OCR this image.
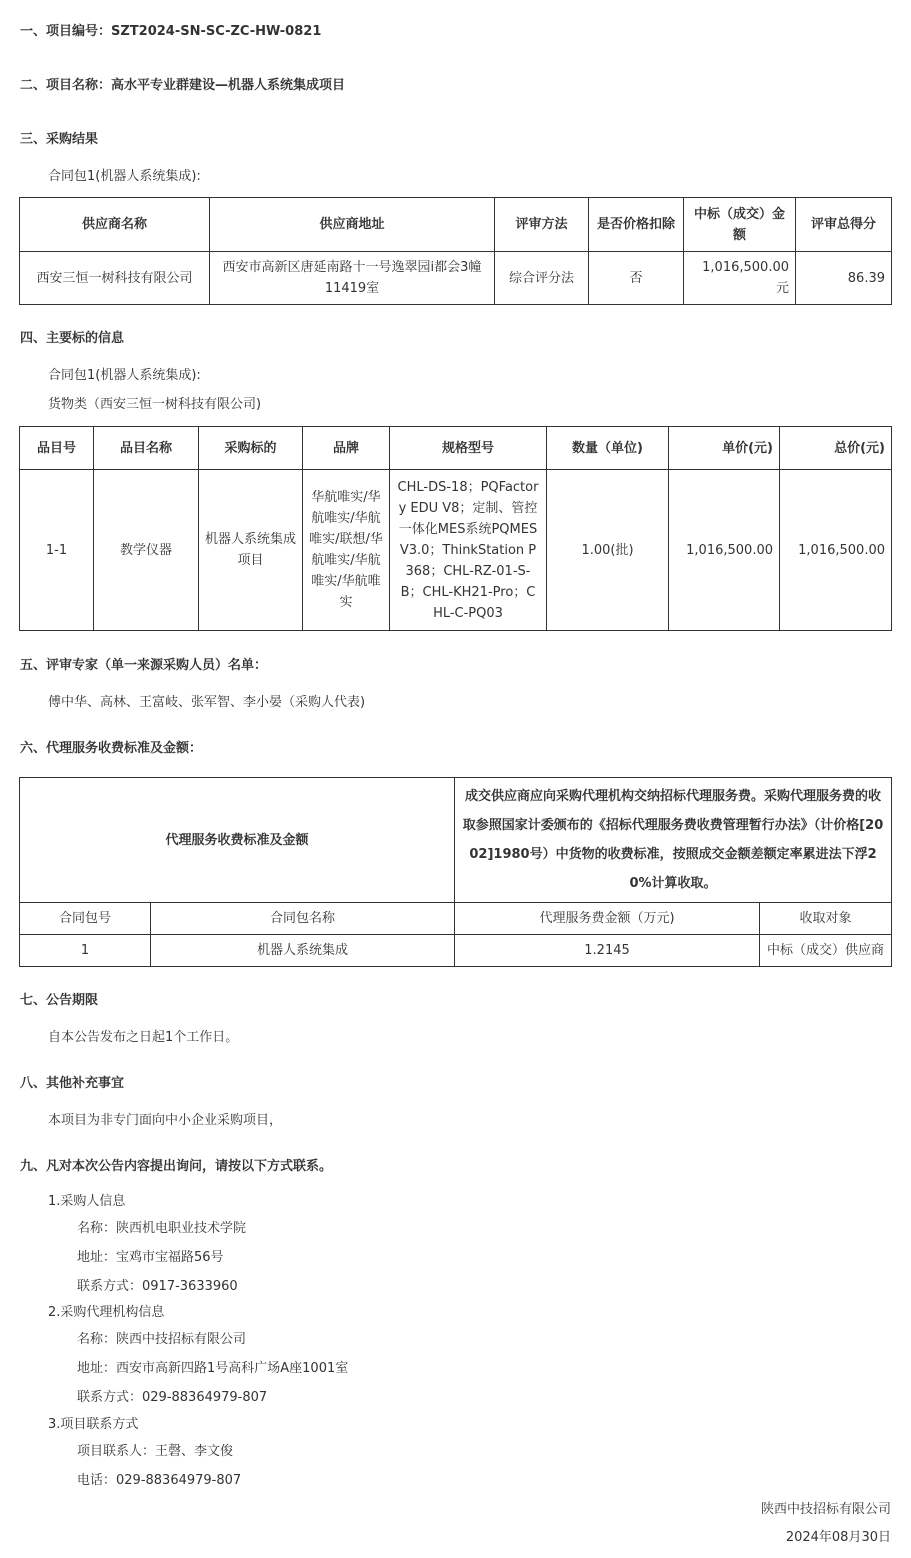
一、项目编号：SZT2024-SN-SC-ZC-HW-0821
二、项目名称：高水平专业群建设—机器人系统集成项目
三、采购结果
合同包1(机器人系统集成):
供应商名称	供应商地址	评审方法	是否价格扣除	中标（成交）金额	评审总得分
西安三恒一树科技有限公司	西安市高新区唐延南路十一号逸翠园i都会3幢11419室	综合评分法	否	1,016,500.00元	86.39
四、主要标的信息
合同包1(机器人系统集成):
货物类（西安三恒一树科技有限公司)
品目号	品目名称	采购标的	品牌	规格型号	数量（单位)	单价(元)	总价(元)
1-1	教学仪器	机器人系统集成项目	华航唯实/华航唯实/华航唯实/联想/华航唯实/华航唯实/华航唯实	CHL-DS-18；PQFactory EDU V8；定制、管控一体化MES系统PQMES V3.0；ThinkStation P368；CHL-RZ-01-S-B；CHL-KH21-Pro；CHL-C-PQ03	1.00(批)	1,016,500.00	1,016,500.00
五、评审专家（单一来源采购人员）名单：
傅中华、高林、王富岐、张军智、李小晏（采购人代表)
六、代理服务收费标准及金额：
代理服务收费标准及金额		成交供应商应向采购代理机构交纳招标代理服务费。采购代理服务费的收取参照国家计委颁布的《招标代理服务费收费管理暂行办法》（计价格[2002]1980号）中货物的收费标准，按照成交金额差额定率累进法下浮20%计算收取。	
合同包号	合同包名称	代理服务费金额（万元)	收取对象
1	机器人系统集成	1.2145	中标（成交）供应商
七、公告期限
自本公告发布之日起1个工作日。
八、其他补充事宜
本项目为非专门面向中小企业采购项目，
九、凡对本次公告内容提出询问，请按以下方式联系。
1.采购人信息
名称：陕西机电职业技术学院
地址：宝鸡市宝福路56号
联系方式：0917-3633960
2.采购代理机构信息
名称：陕西中技招标有限公司
地址：西安市高新四路1号高科广场A座1001室
联系方式：029-88364979-807
3.项目联系方式
项目联系人：王磬、李文俊
电话：029-88364979-807
陕西中技招标有限公司
2024年08月30日
